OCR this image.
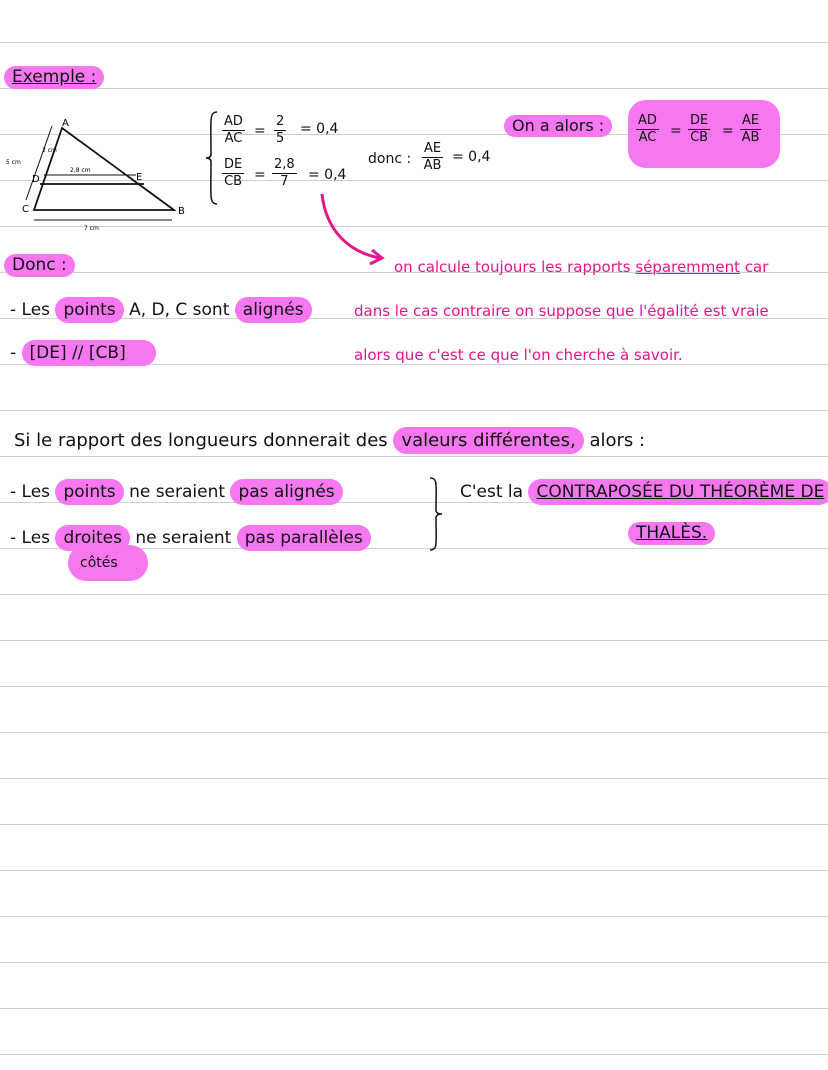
Exemple :
A
B
C
D	E
5 cm
2 cm
2,8 cm
7 cm
$\frac{AD}{AC} = \frac{2}{5} = 0,4$
$\frac{DE}{CB} = \frac{2,8}{7} = 0,4$
donc : $\frac{AE}{AB} = 0,4$
On a alors :	$\frac{AD}{AC} = \frac{DE}{CB} = \frac{AE}{AB}$
Donc :
- Les points A, D, C sont alignés
- [DE] // [CB]
on calcule toujours les rapports séparemment car
dans le cas contraire on suppose que l'égalité est vraie
alors que c'est ce que l'on cherche à savoir.
Si le rapport des longueurs donnerait des valeurs différentes, alors :
- Les points ne seraient pas alignés
- Les droites ne seraient pas parallèles
côtés
C'est la CONTRAPOSÉE DU THÉORÈME DE
THALÈS.
